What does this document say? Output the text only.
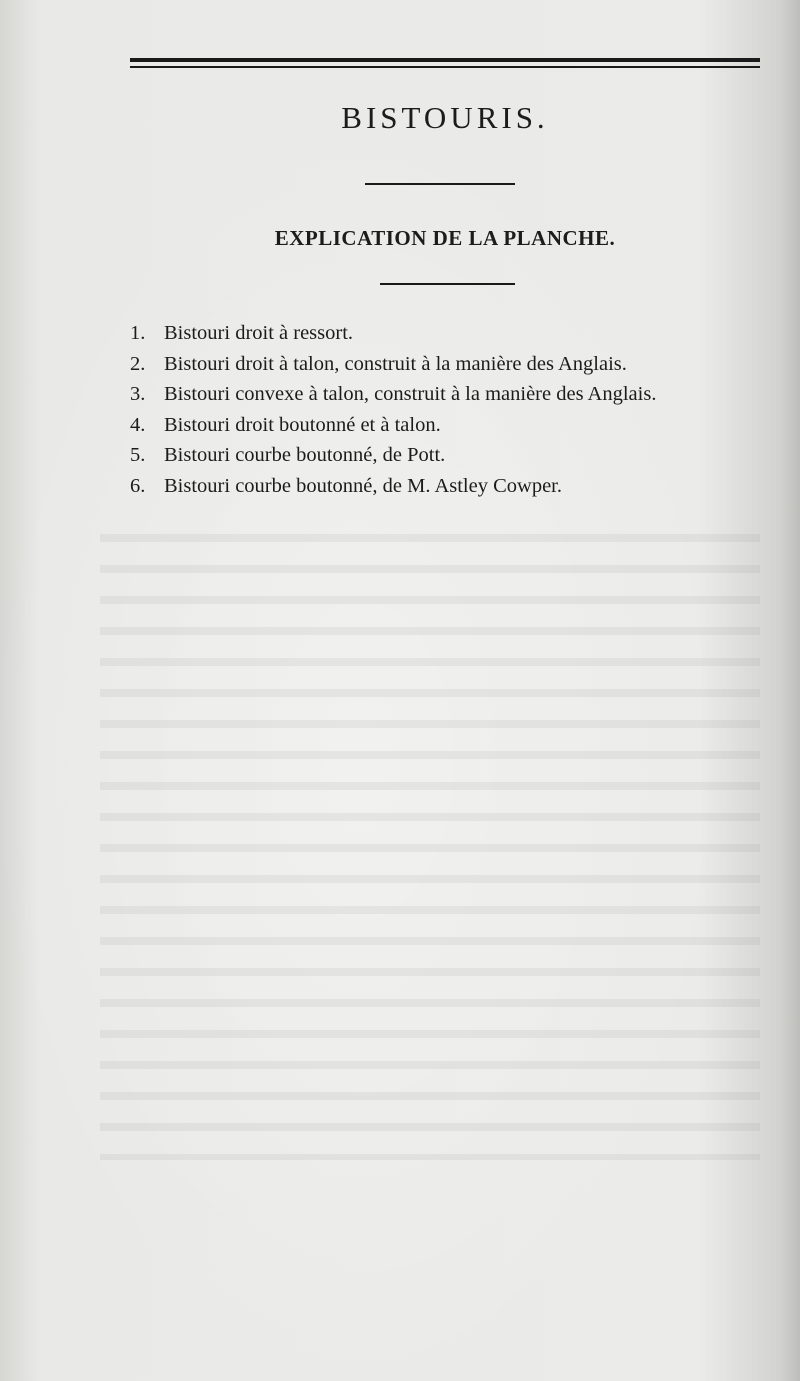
BISTOURIS.
EXPLICATION DE LA PLANCHE.
1. Bistouri droit à ressort.
2. Bistouri droit à talon, construit à la manière des Anglais.
3. Bistouri convexe à talon, construit à la manière des Anglais.
4. Bistouri droit boutonné et à talon.
5. Bistouri courbe boutonné, de Pott.
6. Bistouri courbe boutonné, de M. Astley Cowper.
